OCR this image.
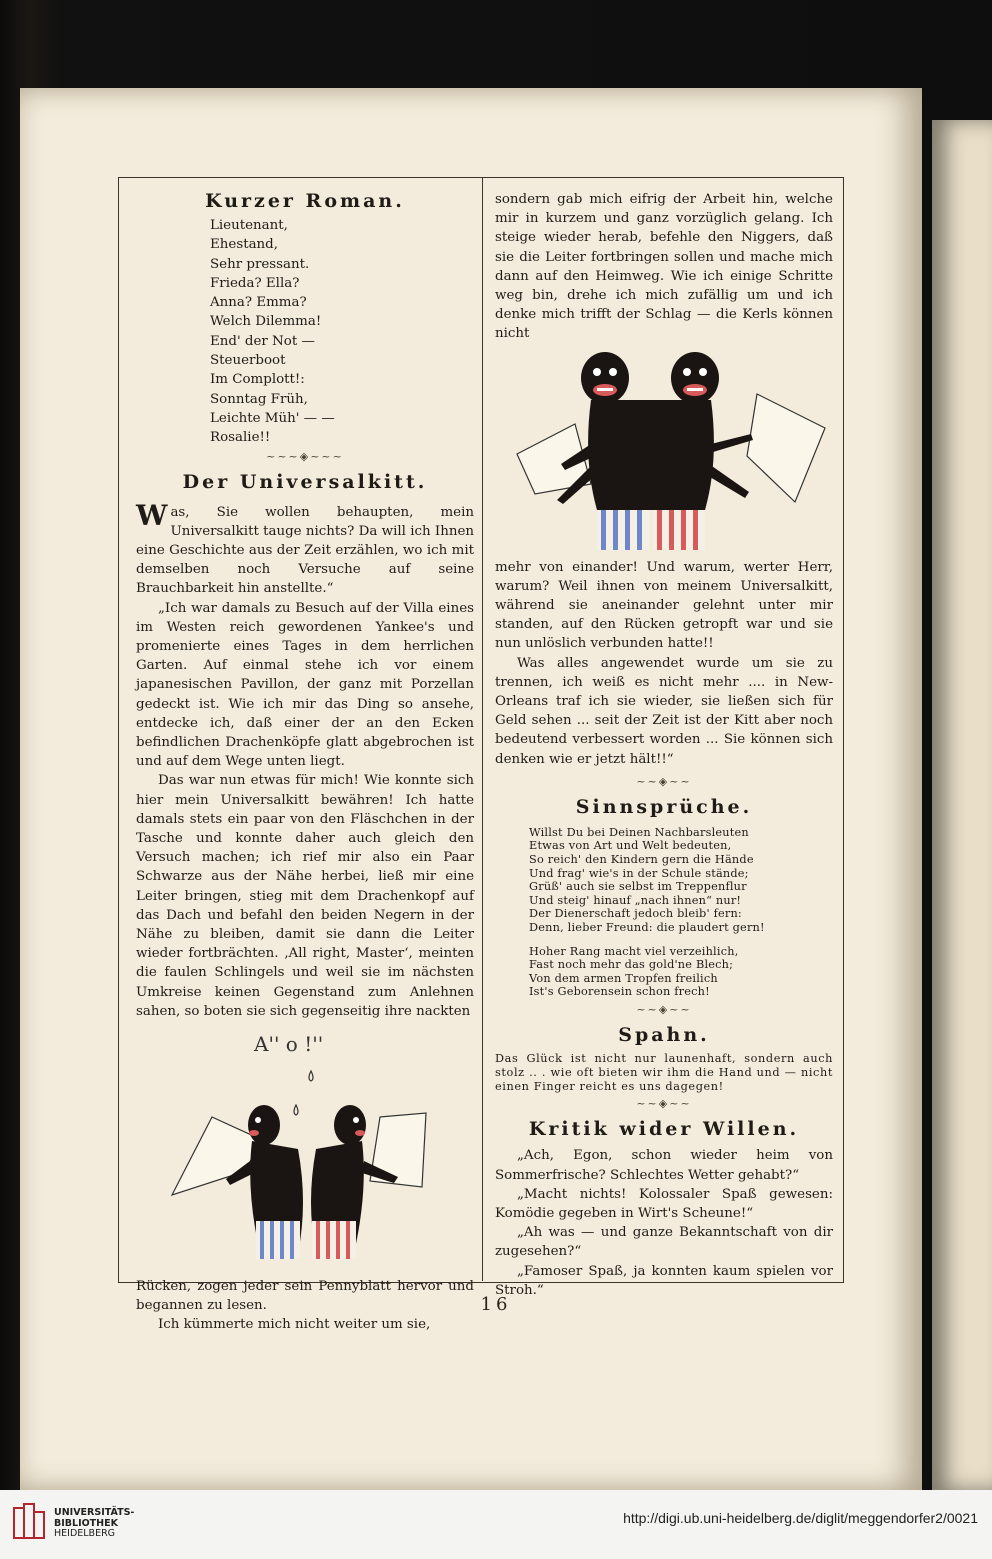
Kurzer Roman.
Lieutenant,
Ehestand,
Sehr pressant.
Frieda? Ella?
Anna? Emma?
Welch Dilemma!
End' der Not —
Steuerboot
Im Complott!:
Sonntag Früh,
Leichte Müh' — —
Rosalie!!
~~~◈~~~
Der Universalkitt.

Was, Sie wollen behaupten, mein Universalkitt tauge nichts? Da will ich Ihnen eine Geschichte aus der Zeit erzählen, wo ich mit demselben noch Versuche auf seine Brauchbarkeit hin anstellte.“

„Ich war damals zu Besuch auf der Villa eines im Westen reich gewordenen Yankee's und promenierte eines Tages in dem herrlichen Garten. Auf einmal stehe ich vor einem japanesischen Pavillon, der ganz mit Porzellan gedeckt ist. Wie ich mir das Ding so ansehe, entdecke ich, daß einer der an den Ecken befindlichen Drachenköpfe glatt abgebrochen ist und auf dem Wege unten liegt.

Das war nun etwas für mich! Wie konnte sich hier mein Universalkitt bewähren! Ich hatte damals stets ein paar von den Fläschchen in der Tasche und konnte daher auch gleich den Versuch machen; ich rief mir also ein Paar Schwarze aus der Nähe herbei, ließ mir eine Leiter bringen, stieg mit dem Drachenkopf auf das Dach und befahl den beiden Negern in der Nähe zu bleiben, damit sie dann die Leiter wieder fortbrächten. ‚All right, Master‘, meinten die faulen Schlingels und weil sie im nächsten Umkreise keinen Gegenstand zum Anlehnen sahen, so boten sie sich gegenseitig ihre nackten

A'' o !''

Rücken, zogen jeder sein Pennyblatt hervor und begannen zu lesen.

Ich kümmerte mich nicht weiter um sie,

sondern gab mich eifrig der Arbeit hin, welche mir in kurzem und ganz vorzüglich gelang. Ich steige wieder herab, befehle den Niggers, daß sie die Leiter fortbringen sollen und mache mich dann auf den Heimweg. Wie ich einige Schritte weg bin, drehe ich mich zufällig um und ich denke mich trifft der Schlag — die Kerls können nicht

mehr von einander! Und warum, werter Herr, warum? Weil ihnen von meinem Universalkitt, während sie aneinander gelehnt unter mir standen, auf den Rücken getropft war und sie nun unlöslich verbunden hatte!!

Was alles angewendet wurde um sie zu trennen, ich weiß es nicht mehr .... in New-Orleans traf ich sie wieder, sie ließen sich für Geld sehen ... seit der Zeit ist der Kitt aber noch bedeutend verbessert worden ... Sie können sich denken wie er jetzt hält!!“

~~◈~~
Sinnsprüche.
Willst Du bei Deinen Nachbarsleuten
Etwas von Art und Welt bedeuten,
So reich' den Kindern gern die Hände
Und frag' wie's in der Schule stände;
Grüß' auch sie selbst im Treppenflur
Und steig' hinauf „nach ihnen“ nur!
Der Dienerschaft jedoch bleib' fern:
Denn, lieber Freund: die plaudert gern!
Hoher Rang macht viel verzeihlich,
Fast noch mehr das gold'ne Blech;
Von dem armen Tropfen freilich
Ist's Geborensein schon frech!
~~◈~~
Spahn.

Das Glück ist nicht nur launenhaft, sondern auch stolz .. . wie oft bieten wir ihm die Hand und — nicht einen Finger reicht es uns dagegen!

~~◈~~
Kritik wider Willen.

„Ach, Egon, schon wieder heim von Sommerfrische? Schlechtes Wetter gehabt?“

„Macht nichts! Kolossaler Spaß gewesen: Komödie gegeben in Wirt's Scheune!“

„Ah was — und ganze Bekanntschaft von dir zugesehen?“

„Famoser Spaß, ja konnten kaum spielen vor Stroh.“

16
UNIVERSITÄTS-
BIBLIOTHEK
HEIDELBERG
http://digi.ub.uni-heidelberg.de/diglit/meggendorfer2/0021
